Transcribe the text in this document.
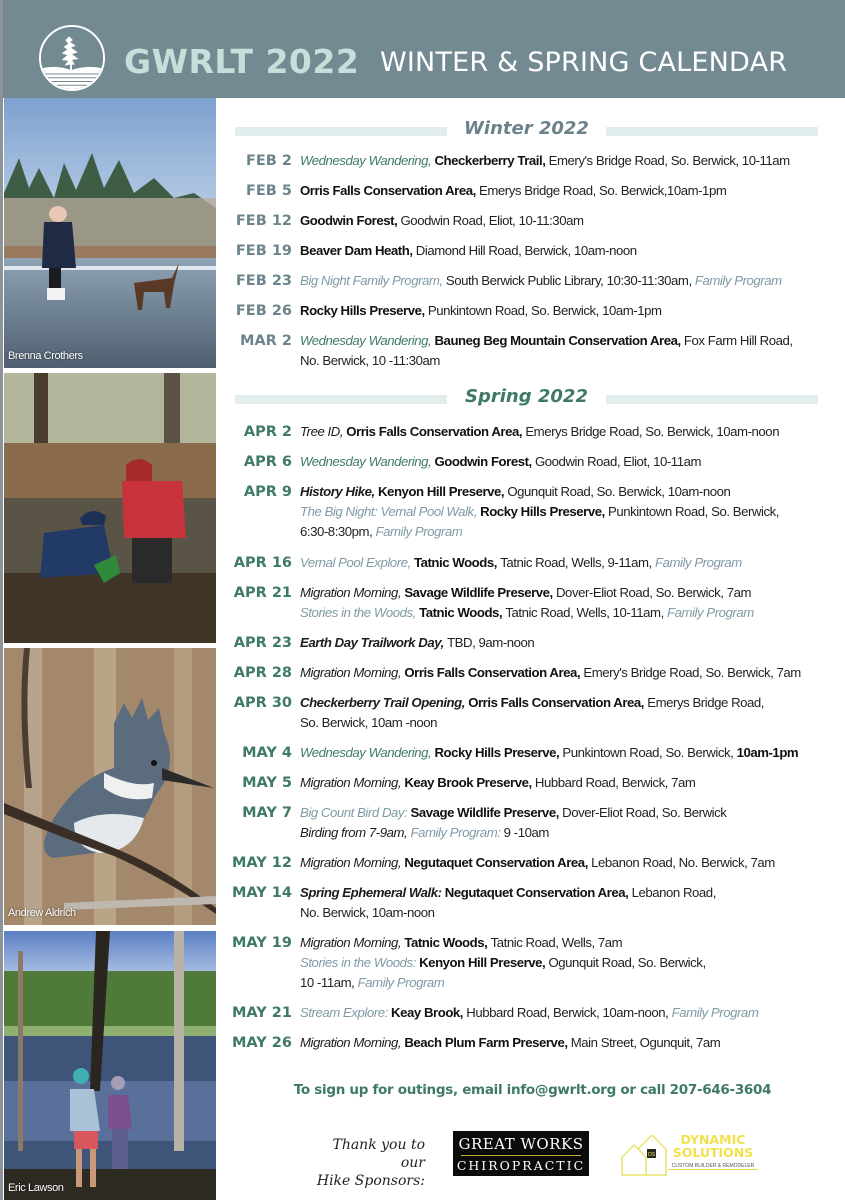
GWRLT 2022 WINTER & SPRING CALENDAR
Brenna Crothers
Andrew Aldrich
Eric Lawson
Winter 2022
FEB 2 Wednesday Wandering, Checkerberry Trail, Emery's Bridge Road, So. Berwick, 10-11am
FEB 5 Orris Falls Conservation Area, Emerys Bridge Road, So. Berwick,10am-1pm
FEB 12 Goodwin Forest, Goodwin Road, Eliot, 10-11:30am
FEB 19 Beaver Dam Heath, Diamond Hill Road, Berwick, 10am-noon
FEB 23 Big Night Family Program, South Berwick Public Library, 10:30-11:30am, Family Program
FEB 26 Rocky Hills Preserve, Punkintown Road, So. Berwick, 10am-1pm
MAR 2 Wednesday Wandering, Bauneg Beg Mountain Conservation Area, Fox Farm Hill Road,
No. Berwick, 10 -11:30am
Spring 2022
APR 2 Tree ID, Orris Falls Conservation Area, Emerys Bridge Road, So. Berwick, 10am-noon
APR 6 Wednesday Wandering, Goodwin Forest, Goodwin Road, Eliot, 10-11am
APR 9 History Hike, Kenyon Hill Preserve, Ogunquit Road, So. Berwick, 10am-noon
The Big Night: Vernal Pool Walk, Rocky Hills Preserve, Punkintown Road, So. Berwick,
6:30-8:30pm, Family Program
APR 16 Vernal Pool Explore, Tatnic Woods, Tatnic Road, Wells, 9-11am, Family Program
APR 21 Migration Morning, Savage Wildlife Preserve, Dover-Eliot Road, So. Berwick, 7am
Stories in the Woods, Tatnic Woods, Tatnic Road, Wells, 10-11am, Family Program
APR 23 Earth Day Trailwork Day, TBD, 9am-noon
APR 28 Migration Morning, Orris Falls Conservation Area, Emery's Bridge Road, So. Berwick, 7am
APR 30 Checkerberry Trail Opening, Orris Falls Conservation Area, Emerys Bridge Road,
So. Berwick, 10am -noon
MAY 4 Wednesday Wandering, Rocky Hills Preserve, Punkintown Road, So. Berwick, 10am-1pm
MAY 5 Migration Morning, Keay Brook Preserve, Hubbard Road, Berwick, 7am
MAY 7 Big Count Bird Day: Savage Wildlife Preserve, Dover-Eliot Road, So. Berwick
Birding from 7-9am, Family Program: 9 -10am
MAY 12 Migration Morning, Negutaquet Conservation Area, Lebanon Road, No. Berwick, 7am
MAY 14 Spring Ephemeral Walk: Negutaquet Conservation Area, Lebanon Road,
No. Berwick, 10am-noon
MAY 19 Migration Morning, Tatnic Woods, Tatnic Road, Wells, 7am
Stories in the Woods: Kenyon Hill Preserve, Ogunquit Road, So. Berwick,
10 -11am, Family Program
MAY 21 Stream Explore: Keay Brook, Hubbard Road, Berwick, 10am-noon, Family Program
MAY 26 Migration Morning, Beach Plum Farm Preserve, Main Street, Ogunquit, 7am
To sign up for outings, email info@gwrlt.org or call 207-646-3604
Thank you to our
Hike Sponsors:
GREAT WORKS
CHIROPRACTIC
DS
DYNAMIC
SOLUTIONS
CUSTOM BUILDER & REMODELER
